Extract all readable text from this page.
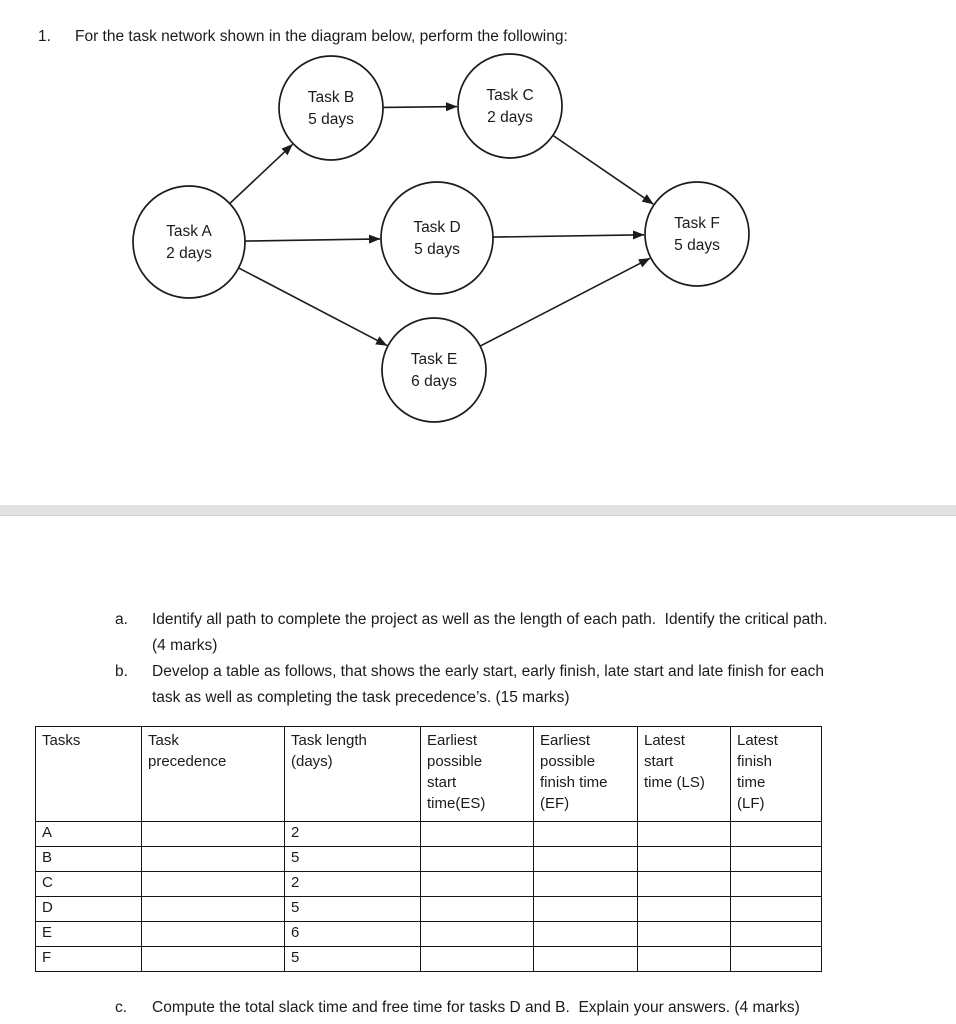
1.	For the task network shown in the diagram below, perform the following:
Task A
2 days
Task B
5 days
Task C
2 days
Task D
5 days
Task E
6 days
Task F
5 days
a.	Identify all path to complete the project as well as the length of each path.  Identify the critical path.
(4 marks)
b.	Develop a table as follows, that shows the early start, early finish, late start and late finish for each
task as well as completing the task precedence’s. (15 marks)
Tasks	Task
precedence

Task length
(days)

Earliest
possible
start
time(ES)

Earliest
possible
finish time
(EF)

Latest
start
time (LS)

Latest
finish
time
(LF)

A		2				
B		5				
C		2				
D		5				
E		6				
F		5				
c.	Compute the total slack time and free time for tasks D and B.  Explain your answers. (4 marks)
